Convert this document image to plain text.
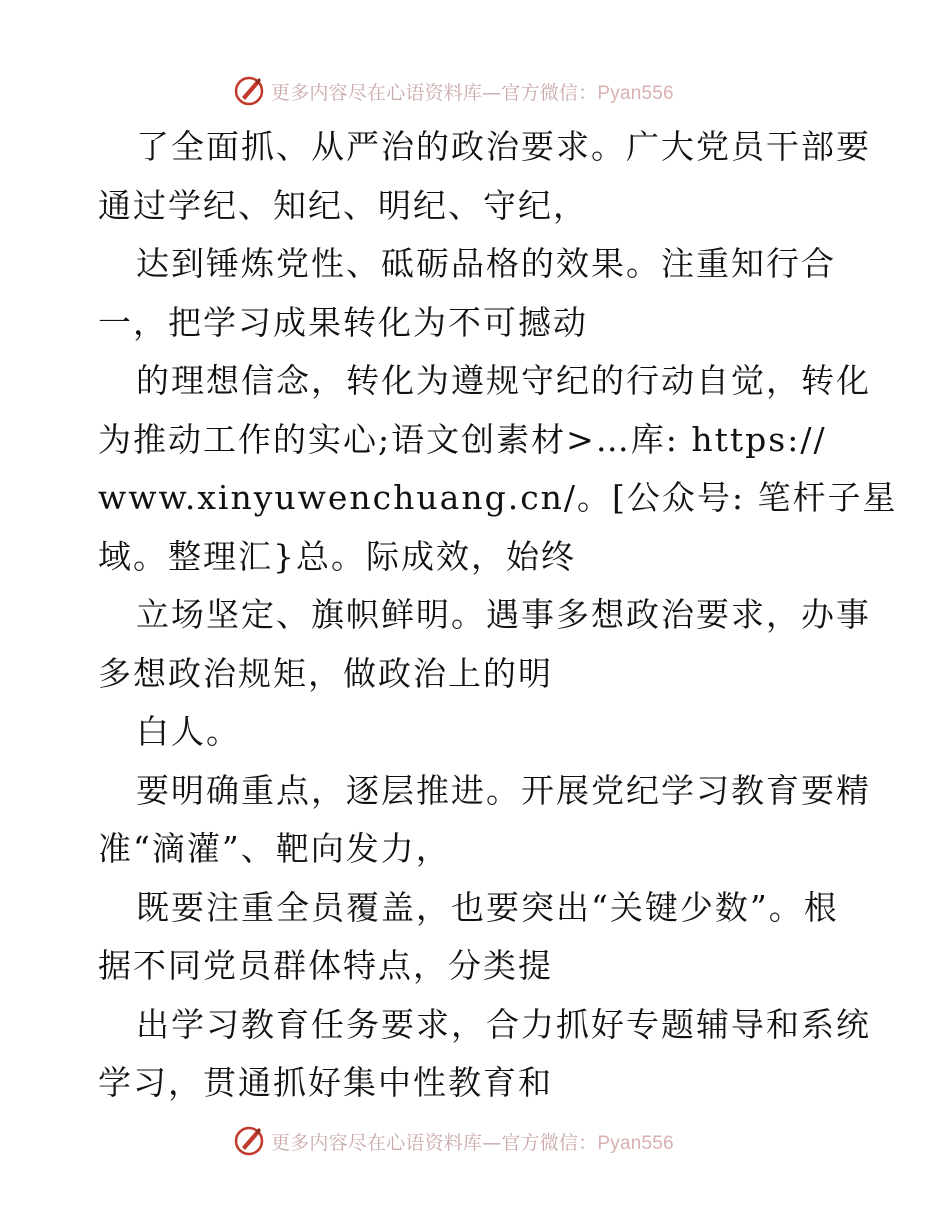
更多内容尽在心语资料库—官方微信：Pyan556
了全面抓、从严治的政治要求。广大党员干部要
通过学纪、知纪、明纪、守纪，
达到锤炼党性、砥砺品格的效果。注重知行合
一，把学习成果转化为不可撼动
的理想信念，转化为遵规守纪的行动自觉，转化
为推动工作的实心;语文创素材>…库: https://
www.xinyuwenchuang.cn/。[公众号: 笔杆子星
域。整理汇}总。际成效，始终
立场坚定、旗帜鲜明。遇事多想政治要求，办事
多想政治规矩，做政治上的明
白人。
要明确重点，逐层推进。开展党纪学习教育要精
准“滴灌”、靶向发力，
既要注重全员覆盖，也要突出“关键少数”。根
据不同党员群体特点，分类提
出学习教育任务要求，合力抓好专题辅导和系统
学习，贯通抓好集中性教育和
更多内容尽在心语资料库—官方微信：Pyan556
